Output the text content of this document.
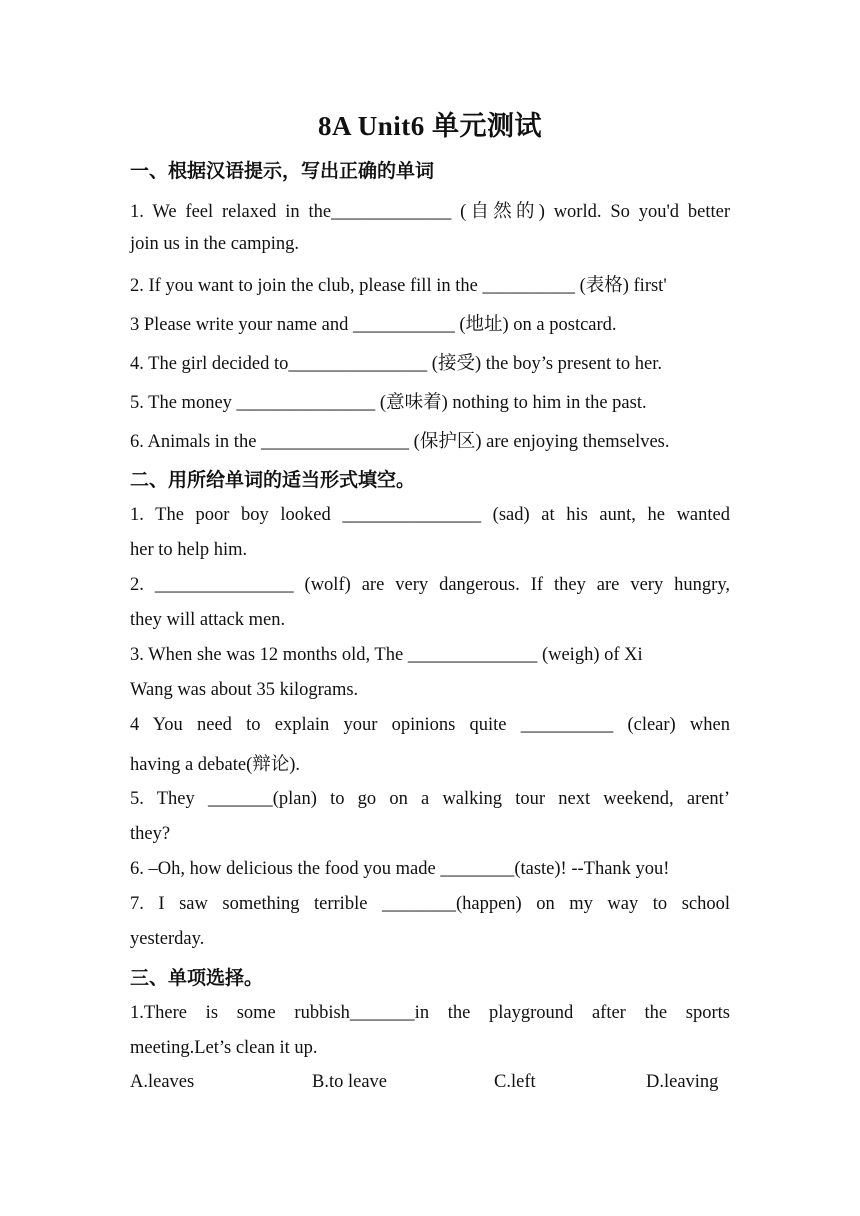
8A Unit6 单元测试
一、根据汉语提示，写出正确的单词
1. We feel relaxed in the_____________ (自然的) world. So you'd better
join us in the camping.
2. If you want to join the club, please fill in the __________ (表格) first'
3 Please write your name and ___________ (地址) on a postcard.
4. The girl decided to_______________ (接受) the boy’s present to her.
5. The money _______________ (意味着) nothing to him in the past.
6. Animals in the ________________ (保护区) are enjoying themselves.
二、用所给单词的适当形式填空。
1. The poor boy looked _______________ (sad) at his aunt, he wanted
her to help him.
2. _______________ (wolf) are very dangerous. If they are very hungry,
they will attack men.
3. When she was 12 months old, The ______________ (weigh) of Xi
Wang was about 35 kilograms.
4 You need to explain your opinions quite __________ (clear) when
having a debate(辩论).
5. They _______(plan) to go on a walking tour next weekend, arent’
they?
6. –Oh, how delicious the food you made ________(taste)! --Thank you!
7. I saw something terrible ________(happen) on my way to school
yesterday.
三、单项选择。
1.There is some rubbish_______in the playground after the sports
meeting.Let’s clean it up.
A.leaves	B.to leave	C.left	D.leaving
